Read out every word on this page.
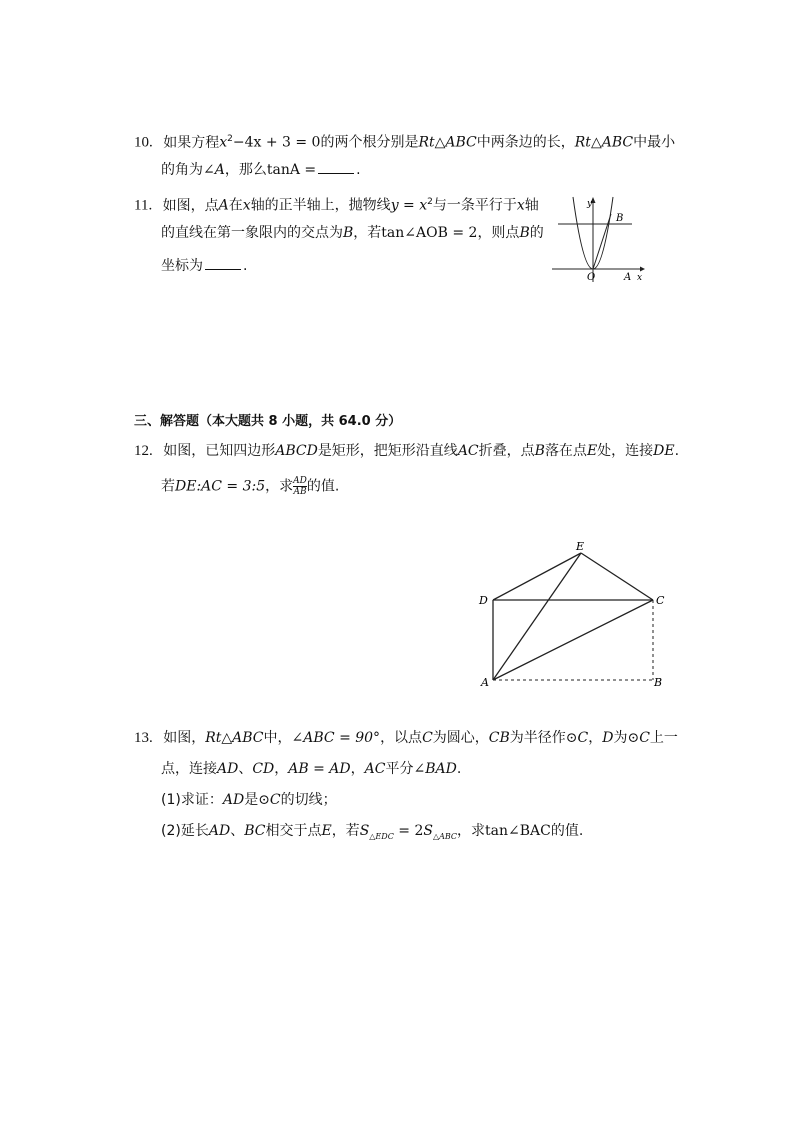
10. 如果方程$x^2-4x + 3 = 0$的两个根分别是Rt△ABC中两条边的长，Rt△ABC中最小
的角为∠A，那么tanA =	.
11. 如图，点A在x轴的正半轴上，抛物线$y = x^2$与一条平行于x轴
的直线在第一象限内的交点为B，若tan∠AOB = 2，则点B的
坐标为	.
y
B
O	A x
三、解答题（本大题共 8 小题，共 64.0 分）
12. 如图，已知四边形ABCD是矩形，把矩形沿直线AC折叠，点B落在点E处，连接DE.
若DE:AC = 3:5，求 $\frac{AD}{AB}$ 的值.
E
D	C
A	B
13. 如图，Rt△ABC中，∠ABC = 90°，以点C为圆心，CB为半径作⊙C，D为⊙C上一
点，连接AD、CD，AB = AD，AC平分∠BAD.
(1)求证：AD是⊙C的切线；
(2)延长AD、BC相交于点E，若$S_{\triangle EDC} = 2S_{\triangle ABC}$，求tan∠BAC的值.
